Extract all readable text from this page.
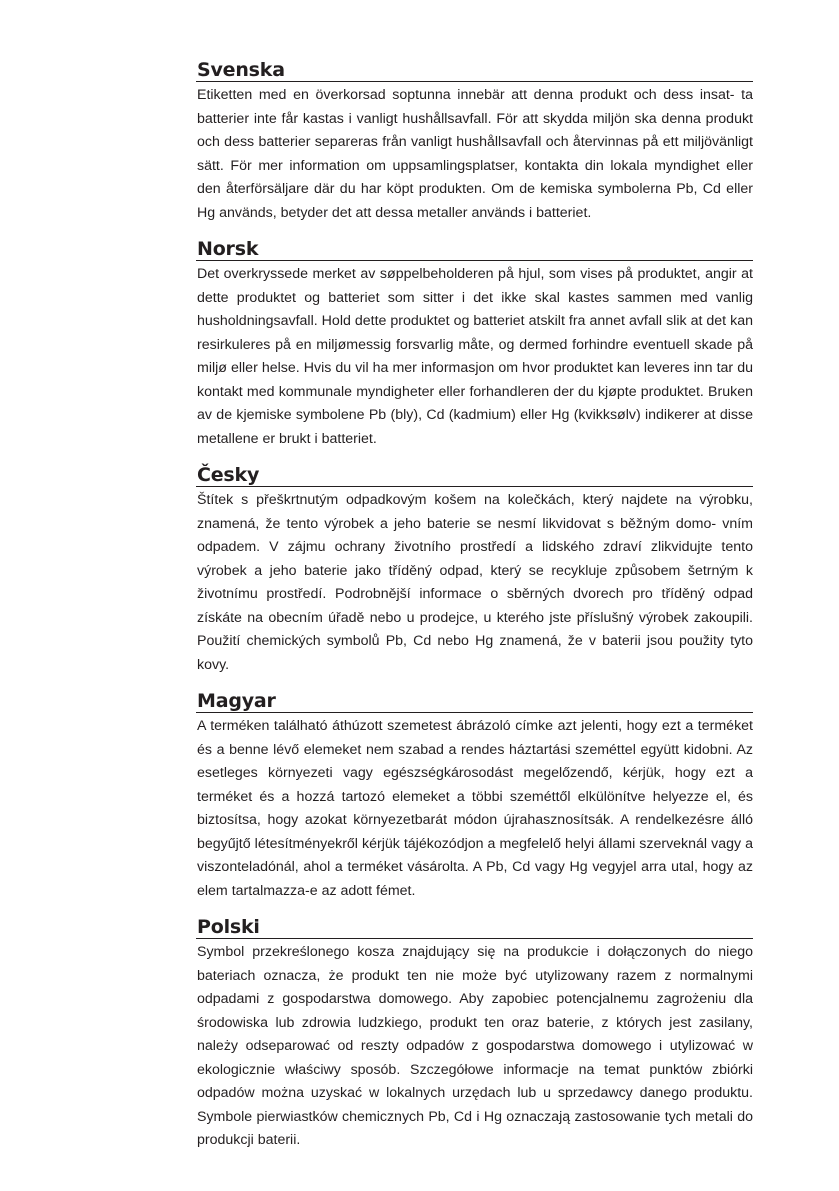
Svenska

Etiketten med en överkorsad soptunna innebär att denna produkt och dess insat- ta batterier inte får kastas i vanligt hushållsavfall. För att skydda miljön ska denna produkt och dess batterier separeras från vanligt hushållsavfall och återvinnas på ett miljövänligt sätt. För mer information om uppsamlingsplatser, kontakta din lokala myndighet eller den återförsäljare där du har köpt produkten. Om de kemiska symbolerna Pb, Cd eller Hg används, betyder det att dessa metaller används i batteriet.

Norsk

Det overkryssede merket av søppelbeholderen på hjul, som vises på produktet, angir at dette produktet og batteriet som sitter i det ikke skal kastes sammen med vanlig husholdningsavfall. Hold dette produktet og batteriet atskilt fra annet avfall slik at det kan resirkuleres på en miljømessig forsvarlig måte, og dermed forhindre eventuell skade på miljø eller helse. Hvis du vil ha mer informasjon om hvor produktet kan leveres inn tar du kontakt med kommunale myndigheter eller forhandleren der du kjøpte produktet. Bruken av de kjemiske symbolene Pb (bly), Cd (kadmium) eller Hg (kvikksølv) indikerer at disse metallene er brukt i batteriet.

Česky

Štítek s přeškrtnutým odpadkovým košem na kolečkách, který najdete na výrobku, znamená, že tento výrobek a jeho baterie se nesmí likvidovat s běžným domo- vním odpadem. V zájmu ochrany životního prostředí a lidského zdraví zlikvidujte tento výrobek a jeho baterie jako tříděný odpad, který se recykluje způsobem šetrným k životnímu prostředí. Podrobnější informace o sběrných dvorech pro tříděný odpad získáte na obecním úřadě nebo u prodejce, u kterého jste příslušný výrobek zakoupili. Použití chemických symbolů Pb, Cd nebo Hg znamená, že v baterii jsou použity tyto kovy.

Magyar

A terméken található áthúzott szemetest ábrázoló címke azt jelenti, hogy ezt a terméket és a benne lévő elemeket nem szabad a rendes háztartási szeméttel együtt kidobni. Az esetleges környezeti vagy egészségkárosodást megelőzendő, kérjük, hogy ezt a terméket és a hozzá tartozó elemeket a többi szeméttől elkülönítve helyezze el, és biztosítsa, hogy azokat környezetbarát módon újrahasznosítsák. A rendelkezésre álló begyűjtő létesítményekről kérjük tájékozódjon a megfelelő helyi állami szerveknál vagy a viszonteladónál, ahol a terméket vásárolta. A Pb, Cd vagy Hg vegyjel arra utal, hogy az elem tartalmazza-e az adott fémet.

Polski

Symbol przekreślonego kosza znajdujący się na produkcie i dołączonych do niego bateriach oznacza, że produkt ten nie może być utylizowany razem z normalnymi odpadami z gospodarstwa domowego. Aby zapobiec potencjalnemu zagrożeniu dla środowiska lub zdrowia ludzkiego, produkt ten oraz baterie, z których jest zasilany, należy odseparować od reszty odpadów z gospodarstwa domowego i utylizować w ekologicznie właściwy sposób. Szczegółowe informacje na temat punktów zbiórki odpadów można uzyskać w lokalnych urzędach lub u sprzedawcy danego produktu. Symbole pierwiastków chemicznych Pb, Cd i Hg oznaczają zastosowanie tych metali do produkcji baterii.
